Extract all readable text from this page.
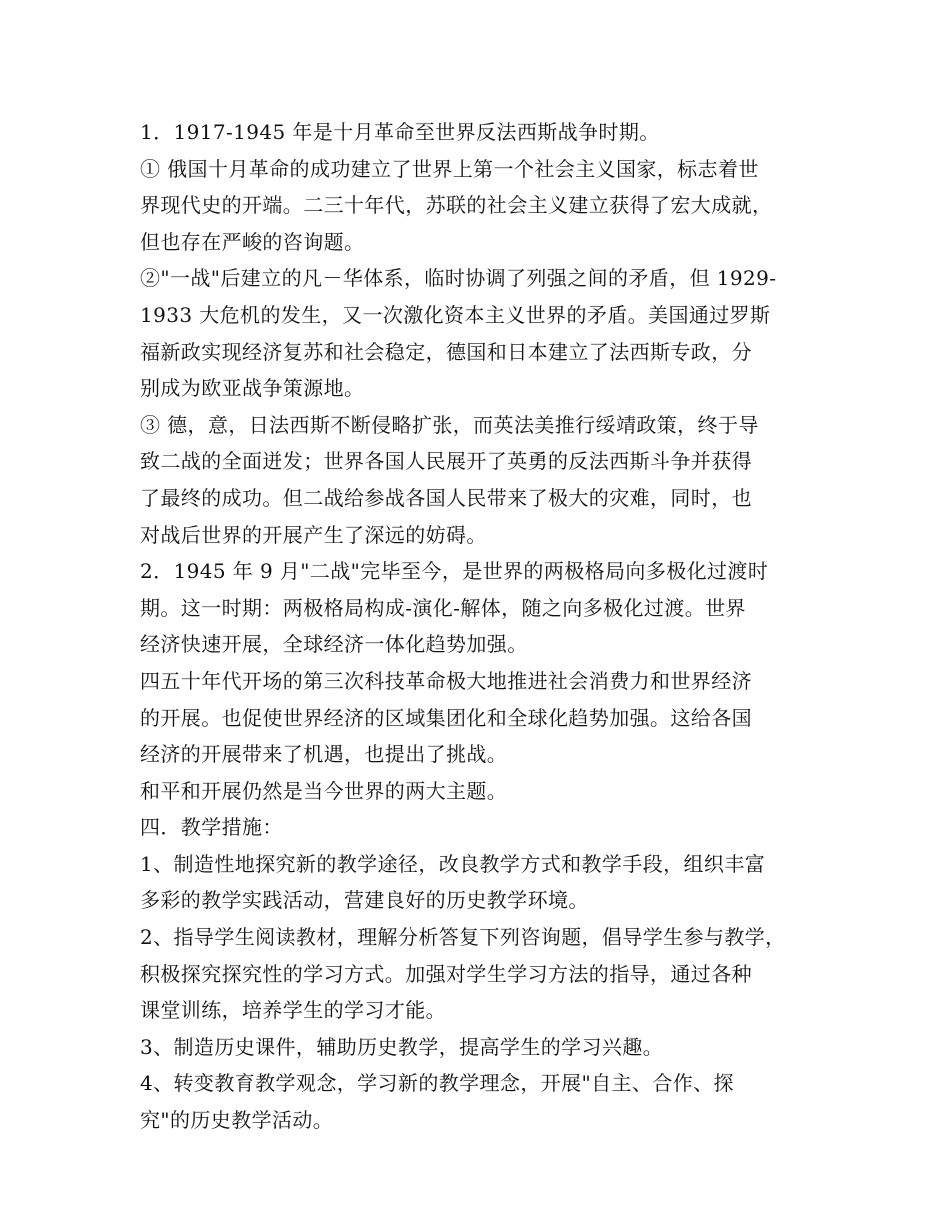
1．1917-1945 年是十月革命至世界反法西斯战争时期。
① 俄国十月革命的成功建立了世界上第一个社会主义国家，标志着世
界现代史的开端。二三十年代，苏联的社会主义建立获得了宏大成就，
但也存在严峻的咨询题。
②"一战"后建立的凡－华体系，临时协调了列强之间的矛盾，但 1929-
1933 大危机的发生，又一次激化资本主义世界的矛盾。美国通过罗斯
福新政实现经济复苏和社会稳定，德国和日本建立了法西斯专政，分
别成为欧亚战争策源地。
③ 德，意，日法西斯不断侵略扩张，而英法美推行绥靖政策，终于导
致二战的全面迸发；世界各国人民展开了英勇的反法西斯斗争并获得
了最终的成功。但二战给参战各国人民带来了极大的灾难，同时，也
对战后世界的开展产生了深远的妨碍。
2．1945 年 9 月"二战"完毕至今，是世界的两极格局向多极化过渡时
期。这一时期：两极格局构成-演化-解体，随之向多极化过渡。世界
经济快速开展，全球经济一体化趋势加强。
四五十年代开场的第三次科技革命极大地推进社会消费力和世界经济
的开展。也促使世界经济的区域集团化和全球化趋势加强。这给各国
经济的开展带来了机遇，也提出了挑战。
和平和开展仍然是当今世界的两大主题。
四．教学措施：
1、制造性地探究新的教学途径，改良教学方式和教学手段，组织丰富
多彩的教学实践活动，营建良好的历史教学环境。
2、指导学生阅读教材，理解分析答复下列咨询题，倡导学生参与教学，
积极探究探究性的学习方式。加强对学生学习方法的指导，通过各种
课堂训练，培养学生的学习才能。
3、制造历史课件，辅助历史教学，提高学生的学习兴趣。
4、转变教育教学观念，学习新的教学理念，开展"自主、合作、探
究"的历史教学活动。
